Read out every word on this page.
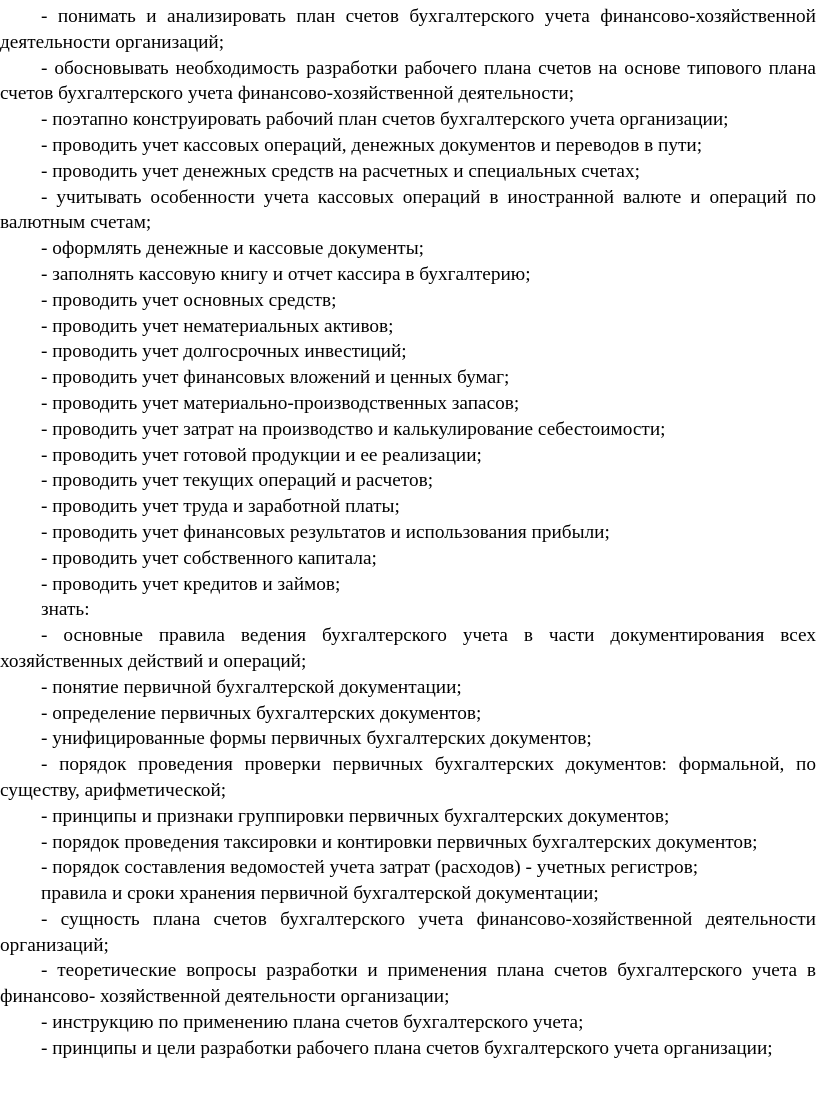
- понимать и анализировать план счетов бухгалтерского учета финансово-хозяйственной деятельности организаций;

- обосновывать необходимость разработки рабочего плана счетов на основе типового плана счетов бухгалтерского учета финансово-хозяйственной деятельности;

- поэтапно конструировать рабочий план счетов бухгалтерского учета организации;

- проводить учет кассовых операций, денежных документов и переводов в пути;

- проводить учет денежных средств на расчетных и специальных счетах;

- учитывать особенности учета кассовых операций в иностранной валюте и операций по валютным счетам;

- оформлять денежные и кассовые документы;

- заполнять кассовую книгу и отчет кассира в бухгалтерию;

- проводить учет основных средств;

- проводить учет нематериальных активов;

- проводить учет долгосрочных инвестиций;

- проводить учет финансовых вложений и ценных бумаг;

- проводить учет материально-производственных запасов;

- проводить учет затрат на производство и калькулирование себестоимости;

- проводить учет готовой продукции и ее реализации;

- проводить учет текущих операций и расчетов;

- проводить учет труда и заработной платы;

- проводить учет финансовых результатов и использования прибыли;

- проводить учет собственного капитала;

- проводить учет кредитов и займов;

знать:

- основные правила ведения бухгалтерского учета в части документирования всех хозяйственных действий и операций;

- понятие первичной бухгалтерской документации;

- определение первичных бухгалтерских документов;

- унифицированные формы первичных бухгалтерских документов;

- порядок проведения проверки первичных бухгалтерских документов: формальной, по существу, арифметической;

- принципы и признаки группировки первичных бухгалтерских документов;

- порядок проведения таксировки и контировки первичных бухгалтерских документов;

- порядок составления ведомостей учета затрат (расходов) - учетных регистров;

правила и сроки хранения первичной бухгалтерской документации;

- сущность плана счетов бухгалтерского учета финансово-хозяйственной деятельности организаций;

- теоретические вопросы разработки и применения плана счетов бухгалтерского учета в финансово- хозяйственной деятельности организации;

- инструкцию по применению плана счетов бухгалтерского учета;

- принципы и цели разработки рабочего плана счетов бухгалтерского учета организации;
